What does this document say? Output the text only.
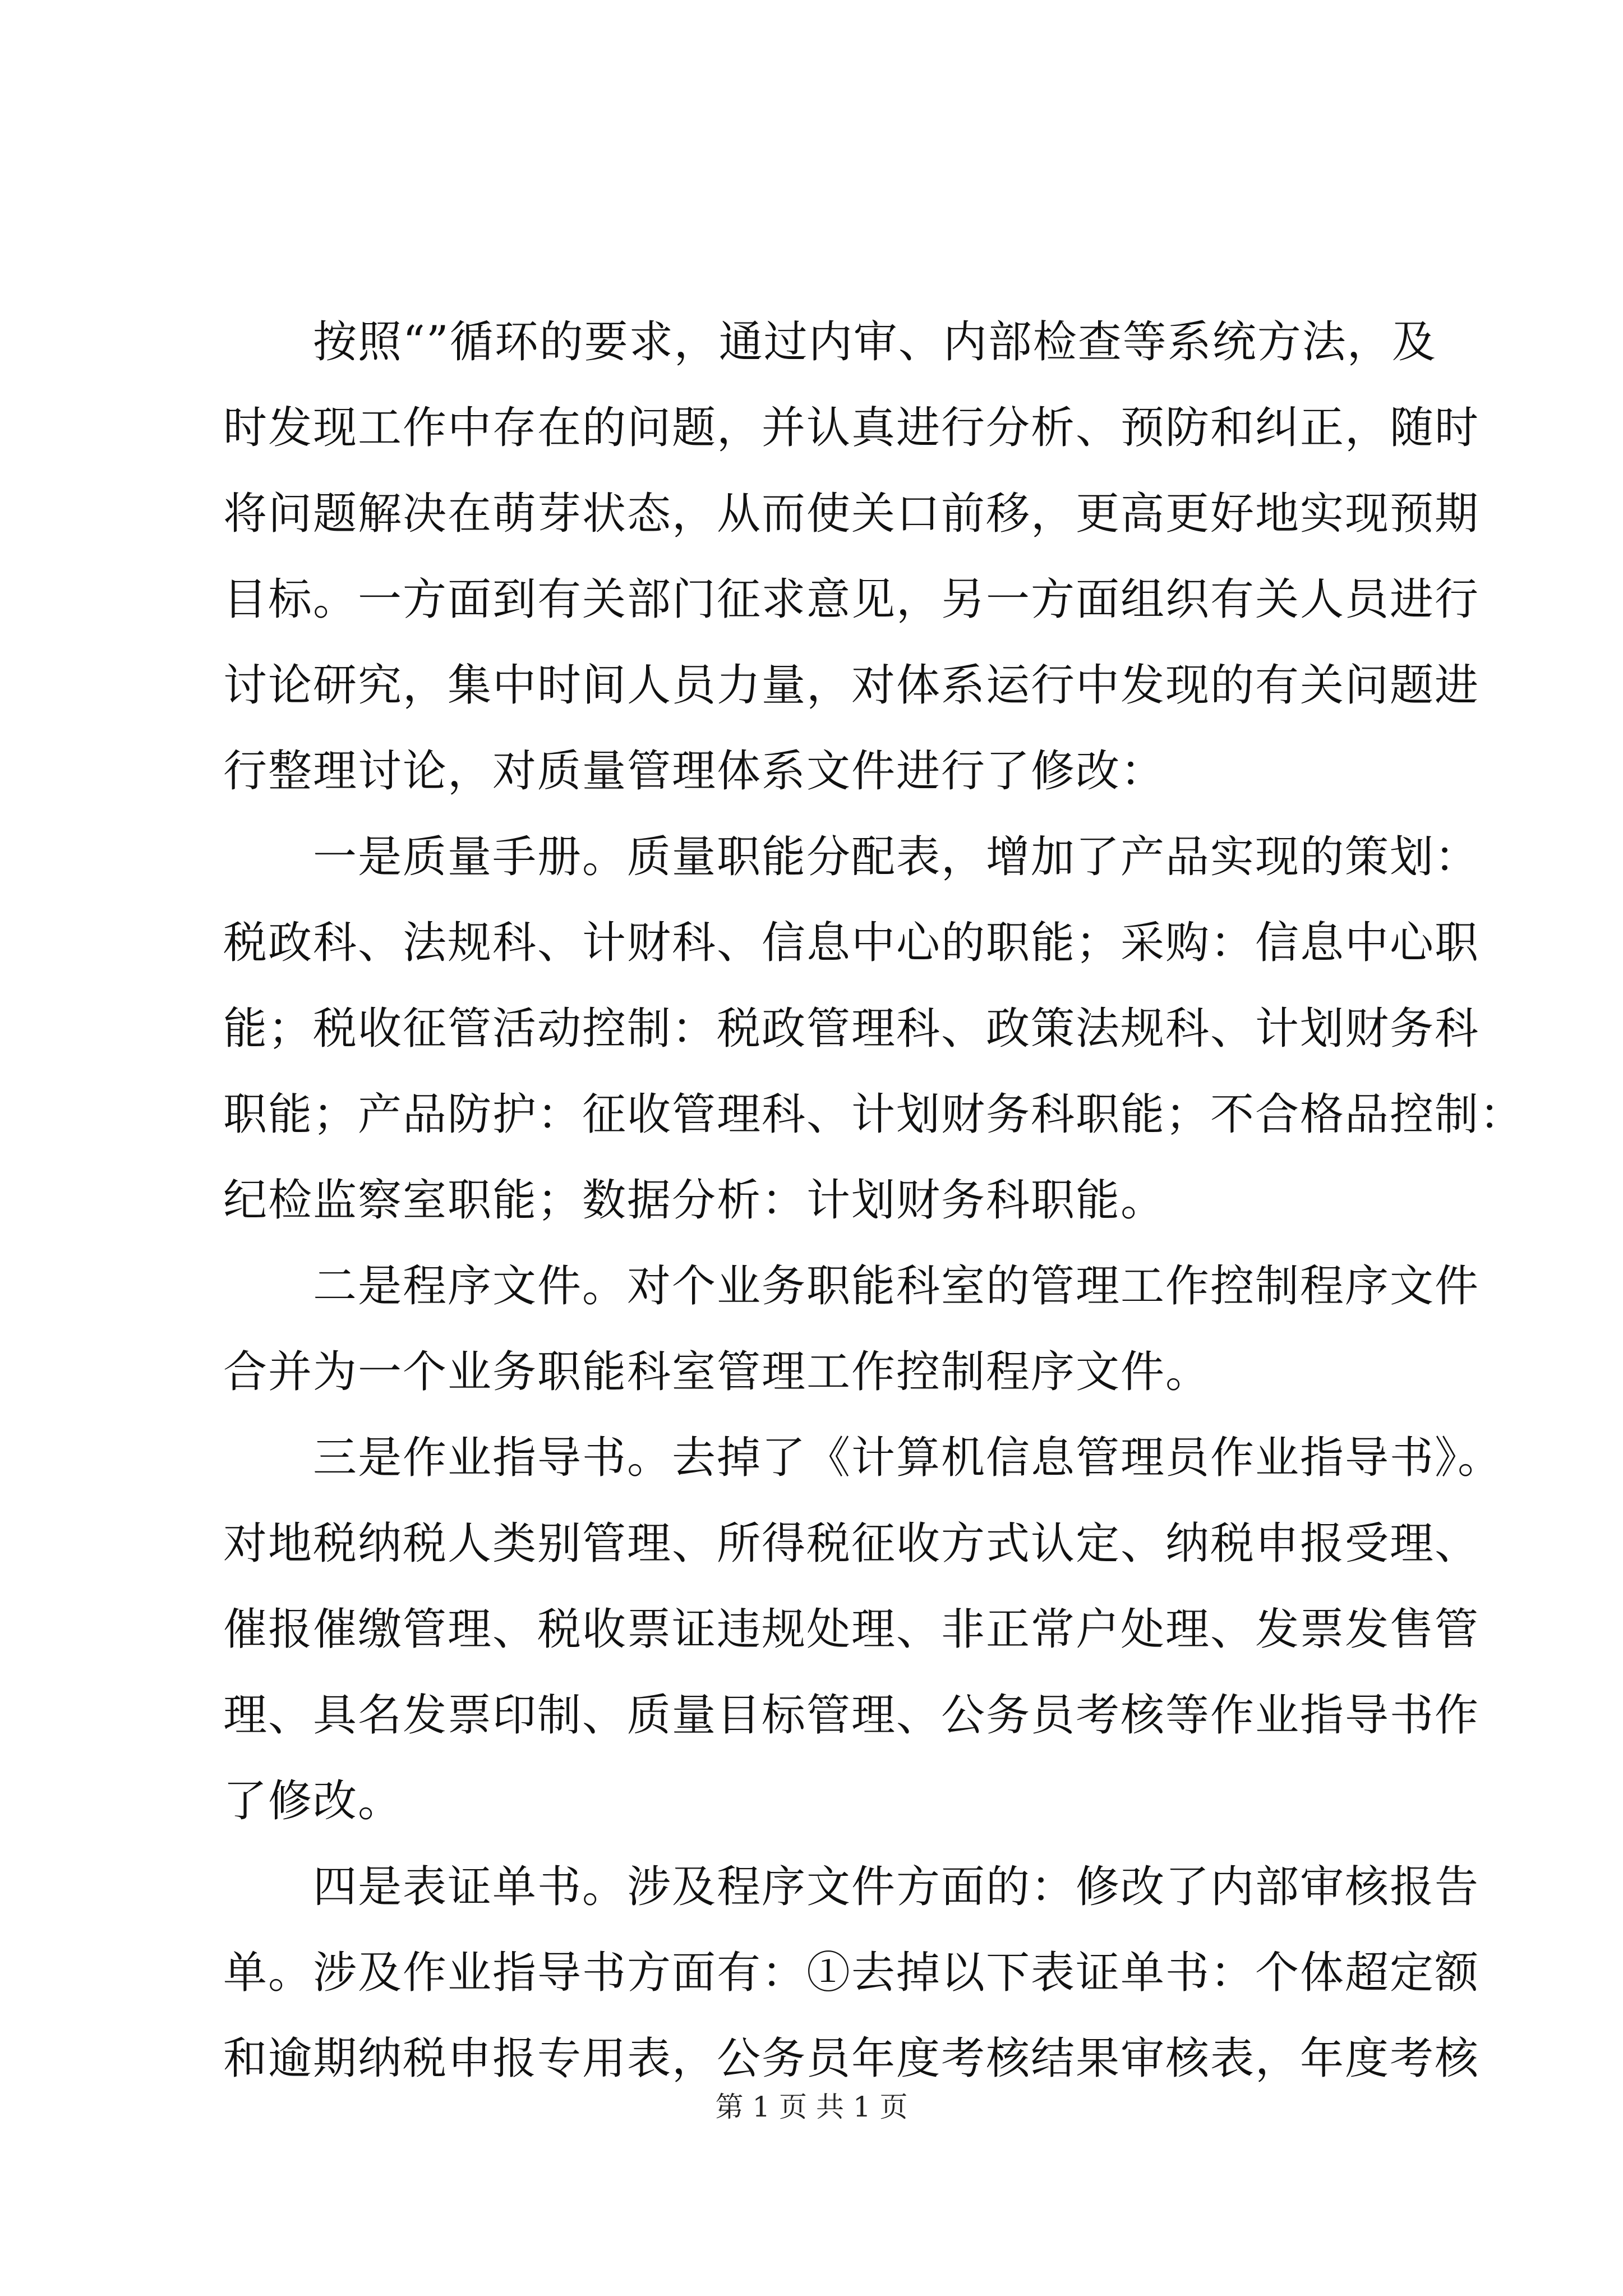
按照“”循环的要求，通过内审、内部检查等系统方法，及
时发现工作中存在的问题，并认真进行分析、预防和纠正，随时
将问题解决在萌芽状态，从而使关口前移，更高更好地实现预期
目标。一方面到有关部门征求意见，另一方面组织有关人员进行
讨论研究，集中时间人员力量，对体系运行中发现的有关问题进
行整理讨论，对质量管理体系文件进行了修改：
一是质量手册。质量职能分配表，增加了产品实现的策划：
税政科、法规科、计财科、信息中心的职能；采购：信息中心职
能；税收征管活动控制：税政管理科、政策法规科、计划财务科
职能；产品防护：征收管理科、计划财务科职能；不合格品控制：
纪检监察室职能；数据分析：计划财务科职能。
二是程序文件。对个业务职能科室的管理工作控制程序文件
合并为一个业务职能科室管理工作控制程序文件。
三是作业指导书。去掉了《计算机信息管理员作业指导书》。
对地税纳税人类别管理、所得税征收方式认定、纳税申报受理、
催报催缴管理、税收票证违规处理、非正常户处理、发票发售管
理、具名发票印制、质量目标管理、公务员考核等作业指导书作
了修改。
四是表证单书。涉及程序文件方面的：修改了内部审核报告
单。涉及作业指导书方面有：①去掉以下表证单书：个体超定额
和逾期纳税申报专用表，公务员年度考核结果审核表，年度考核
第 1 页 共 1 页
